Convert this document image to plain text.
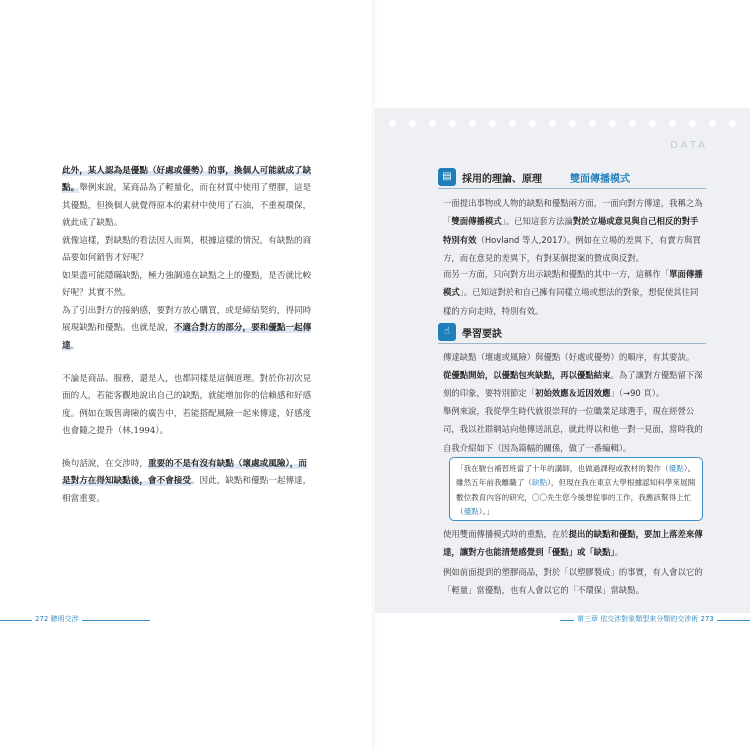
DATA

此外，某人認為是優點（好處或優勢）的事，換個人可能就成了缺點。舉例來說，某商品為了輕量化，而在材質中使用了塑膠，這是其優點，但換個人就覺得原本的素材中使用了石油，不重視環保，就此成了缺點。

就像這樣，對缺點的看法因人而異，根據這樣的情況，有缺點的商品要如何銷售才好呢？

如果盡可能隱瞞缺點，極力強調遠在缺點之上的優點，是否就比較好呢？其實不然。

為了引出對方的接納感，要對方放心購買，或是締結契約，得同時展現缺點和優點。也就是說，不適合對方的部分，要和優點一起傳達。

不論是商品、服務，還是人，也都同樣是這個道理。對於你初次見面的人，若能客觀地說出自己的缺點，就能增加你的信賴感和好感度。例如在販售壽險的廣告中，若能搭配風險一起來傳達，好感度也會隨之提升（林,1994）。

換句話說，在交涉時，重要的不是有沒有缺點（壞處或風險），而是對方在得知缺點後，會不會接受。因此，缺點和優點一起傳達，相當重要。

▤	採用的理論、原理	雙面傳播模式

一面提出事物或人物的缺點和優點兩方面，一面向對方傳達，我稱之為「雙面傳播模式」。已知這套方法論對於立場或意見與自己相反的對手特別有效（Hovland 等人,2017）。例如在立場的差異下，有賣方與買方，而在意見的差異下，有對某個提案的贊成與反對。

而另一方面，只向對方出示缺點和優點的其中一方，這稱作「單面傳播模式」。已知這對於和自己擁有同樣立場或想法的對象，想促使其往同樣的方向走時，特別有效。

☝	學習要訣

傳達缺點（壞處或風險）與優點（好處或優勢）的順序，有其要訣。

從優點開始，以優點包夾缺點，再以優點結束。為了讓對方優點留下深刻的印象，要特別節定「初始效應＆近因效應」（→90 頁）。

舉例來說，我從學生時代就很崇拜的一位職業足球選手，現在經營公司，我以社群網站向他傳送訊息，就此得以和他一對一見面，當時我的自我介紹如下（因為篇幅的關係，做了一番編輯）。

「我在駿台補習班當了十年的講師，也做過課程或教材的製作（優點）。雖然五年前我離職了（缺點），但現在我在東京大學根據認知科學來展開數位教育內容的研究，〇〇先生您今後想從事的工作，我應該幫得上忙（優點）。」

使用雙面傳播模式時的重點，在於提出的缺點和優點，要加上落差來傳達，讓對方也能清楚感覺到「優點」或「缺點」。

例如前面提到的塑膠商品，對於「以塑膠製成」的事實，有人會以它的「輕量」當優點，也有人會以它的「不環保」當缺點。

272 聰明交涉	第三章 依交涉對象類型來分類的交涉術 273
